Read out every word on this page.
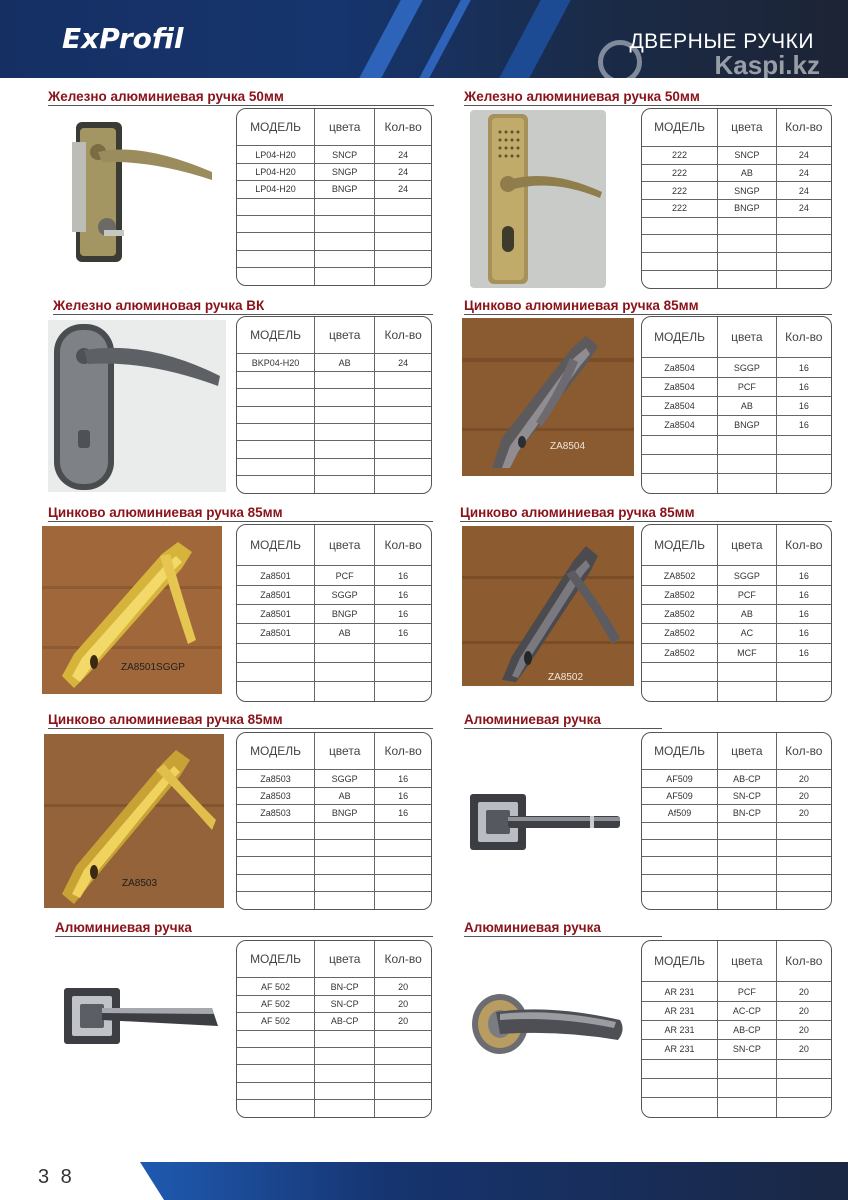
ExProfil	ДВЕРНЫЕ РУЧКИ
Kaspi.kz
Железно алюминиевая ручка 50мм
МОДЕЛЬ	цвета	Кол-во
LP04-H20	SNCP	24
LP04-H20	SNGP	24
LP04-H20	BNGP	24

Железно алюминиевая ручка 50мм
МОДЕЛЬ	цвета	Кол-во
222	SNCP	24
222	AB	24
222	SNGP	24
222	BNGP	24

Железно алюминовая ручка ВК
МОДЕЛЬ	цвета	Кол-во
BKP04-H20	AB	24

Цинково алюминиевая ручка 85мм
ZA8504
МОДЕЛЬ	цвета	Кол-во
Za8504	SGGP	16
Za8504	PCF	16
Za8504	AB	16
Za8504	BNGP	16

Цинково алюминиевая ручка 85мм
ZA8501SGGP
МОДЕЛЬ	цвета	Кол-во
Za8501	PCF	16
Za8501	SGGP	16
Za8501	BNGP	16
Za8501	AB	16

Цинково алюминиевая ручка 85мм
ZA8502
МОДЕЛЬ	цвета	Кол-во
ZA8502	SGGP	16
Za8502	PCF	16
Za8502	AB	16
Za8502	AC	16
Za8502	MCF	16

Цинково алюминиевая ручка 85мм
ZA8503
МОДЕЛЬ	цвета	Кол-во
Za8503	SGGP	16
Za8503	AB	16
Za8503	BNGP	16

Алюминиевая ручка
МОДЕЛЬ	цвета	Кол-во
AF509	AB-CP	20
AF509	SN-CP	20
Af509	BN-CP	20

Алюминиевая ручка
МОДЕЛЬ	цвета	Кол-во
AF 502	BN-CP	20
AF 502	SN-CP	20
AF 502	AB-CP	20

Алюминиевая ручка
МОДЕЛЬ	цвета	Кол-во
AR 231	PCF	20
AR 231	AC-CP	20
AR 231	AB-CP	20
AR 231	SN-CP	20

3 8
